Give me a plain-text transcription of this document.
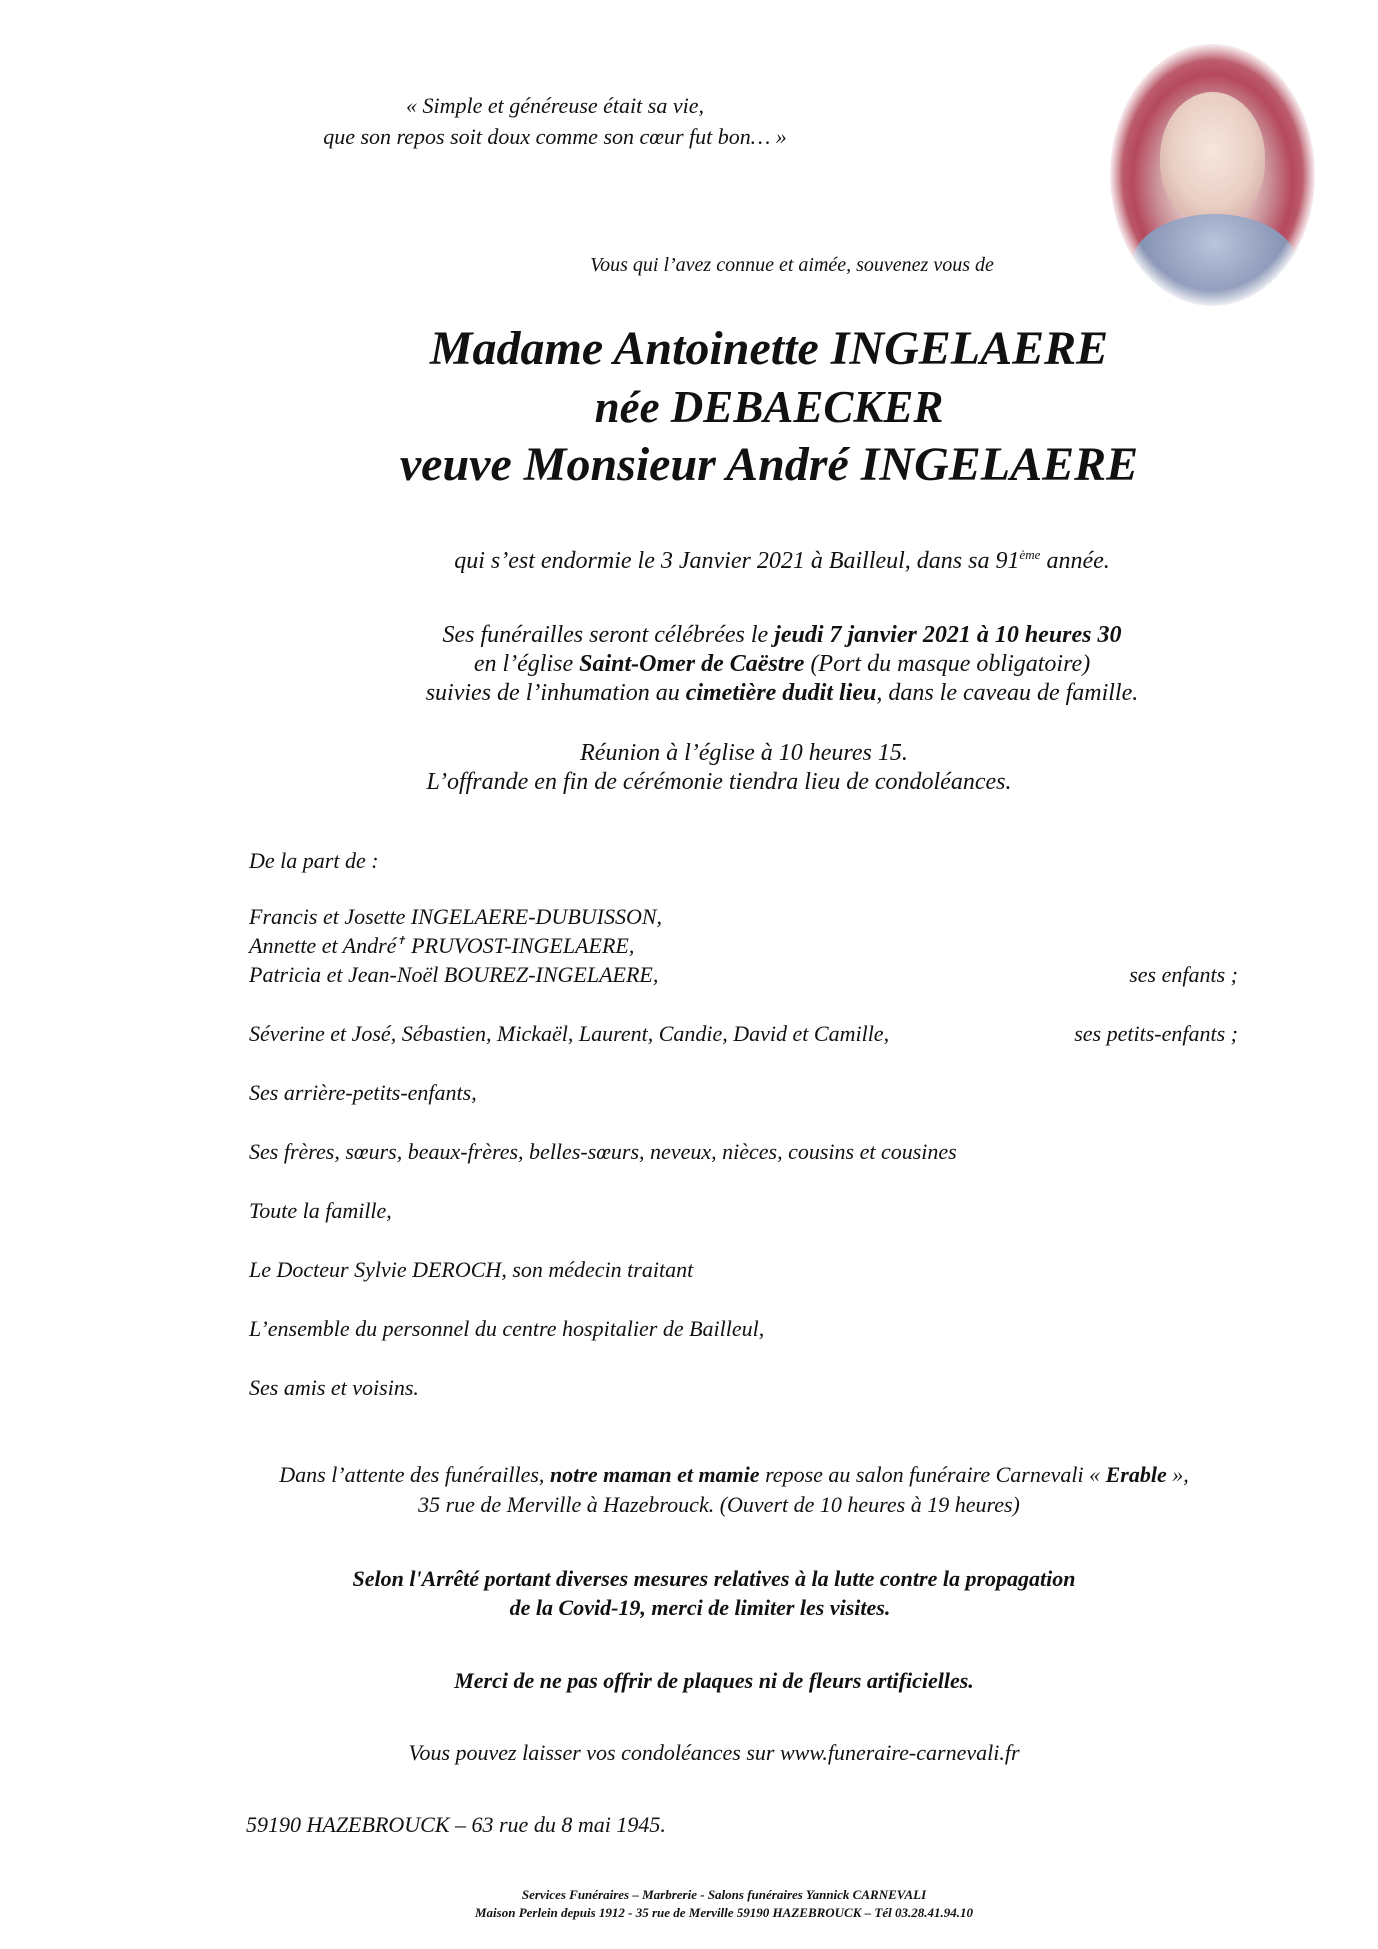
« Simple et généreuse était sa vie,
que son repos soit doux comme son cœur fut bon… »
Vous qui l’avez connue et aimée, souvenez vous de
Madame Antoinette INGELAERE
née DEBAECKER
veuve Monsieur André INGELAERE
qui s’est endormie le 3 Janvier 2021 à Bailleul, dans sa 91ème année.
Ses funérailles seront célébrées le jeudi 7 janvier 2021 à 10 heures 30
en l’église Saint-Omer de Caëstre (Port du masque obligatoire)
suivies de l’inhumation au cimetière dudit lieu, dans le caveau de famille.
Réunion à l’église à 10 heures 15.
L’offrande en fin de cérémonie tiendra lieu de condoléances.
De la part de :
Francis et Josette INGELAERE-DUBUISSON,
Annette et André✝ PRUVOST-INGELAERE,
Patricia et Jean-Noël BOUREZ-INGELAERE,	ses enfants ;
Séverine et José, Sébastien, Mickaël, Laurent, Candie, David et Camille,	ses petits-enfants ;
Ses arrière-petits-enfants,
Ses frères, sœurs, beaux-frères, belles-sœurs, neveux, nièces, cousins et cousines
Toute la famille,
Le Docteur Sylvie DEROCH, son médecin traitant
L’ensemble du personnel du centre hospitalier de Bailleul,
Ses amis et voisins.
Dans l’attente des funérailles, notre maman et mamie repose au salon funéraire Carnevali « Erable »,
35 rue de Merville à Hazebrouck. (Ouvert de 10 heures à 19 heures)
Selon l'Arrêté portant diverses mesures relatives à la lutte contre la propagation
de la Covid-19, merci de limiter les visites.
Merci de ne pas offrir de plaques ni de fleurs artificielles.
Vous pouvez laisser vos condoléances sur www.funeraire-carnevali.fr
59190 HAZEBROUCK – 63 rue du 8 mai 1945.
Services Funéraires – Marbrerie - Salons funéraires Yannick CARNEVALI
Maison Perlein depuis 1912 - 35 rue de Merville 59190 HAZEBROUCK – Tél 03.28.41.94.10
